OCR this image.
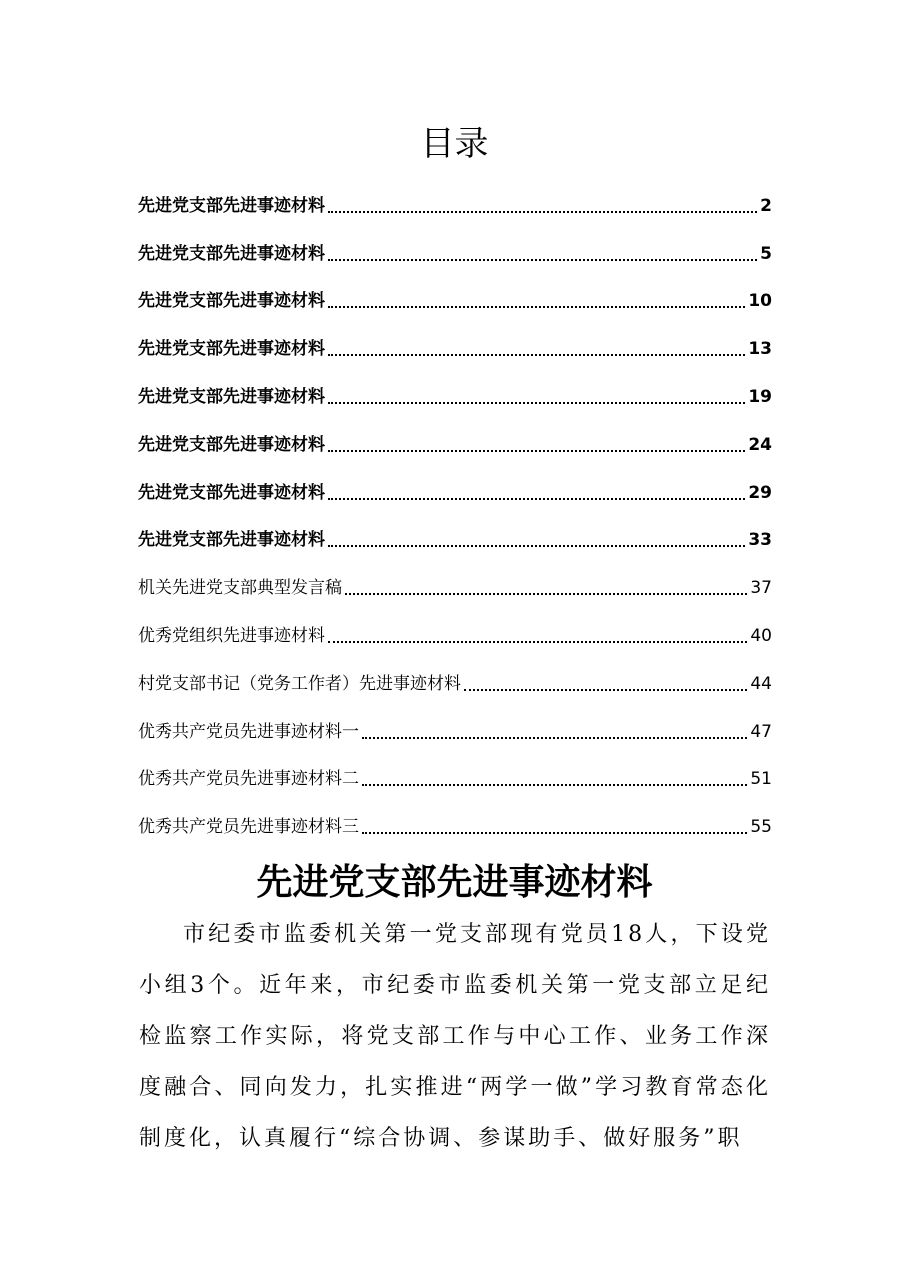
目录
先进党支部先进事迹材料	2
先进党支部先进事迹材料	5
先进党支部先进事迹材料	10
先进党支部先进事迹材料	13
先进党支部先进事迹材料	19
先进党支部先进事迹材料	24
先进党支部先进事迹材料	29
先进党支部先进事迹材料	33
机关先进党支部典型发言稿	37
优秀党组织先进事迹材料	40
村党支部书记（党务工作者）先进事迹材料	44
优秀共产党员先进事迹材料一	47
优秀共产党员先进事迹材料二	51
优秀共产党员先进事迹材料三	55
先进党支部先进事迹材料

市纪委市监委机关第一党支部现有党员18人，下设党小组3个。近年来，市纪委市监委机关第一党支部立足纪检监察工作实际，将党支部工作与中心工作、业务工作深度融合、同向发力，扎实推进“两学一做”学习教育常态化制度化，认真履行“综合协调、参谋助手、做好服务”职
